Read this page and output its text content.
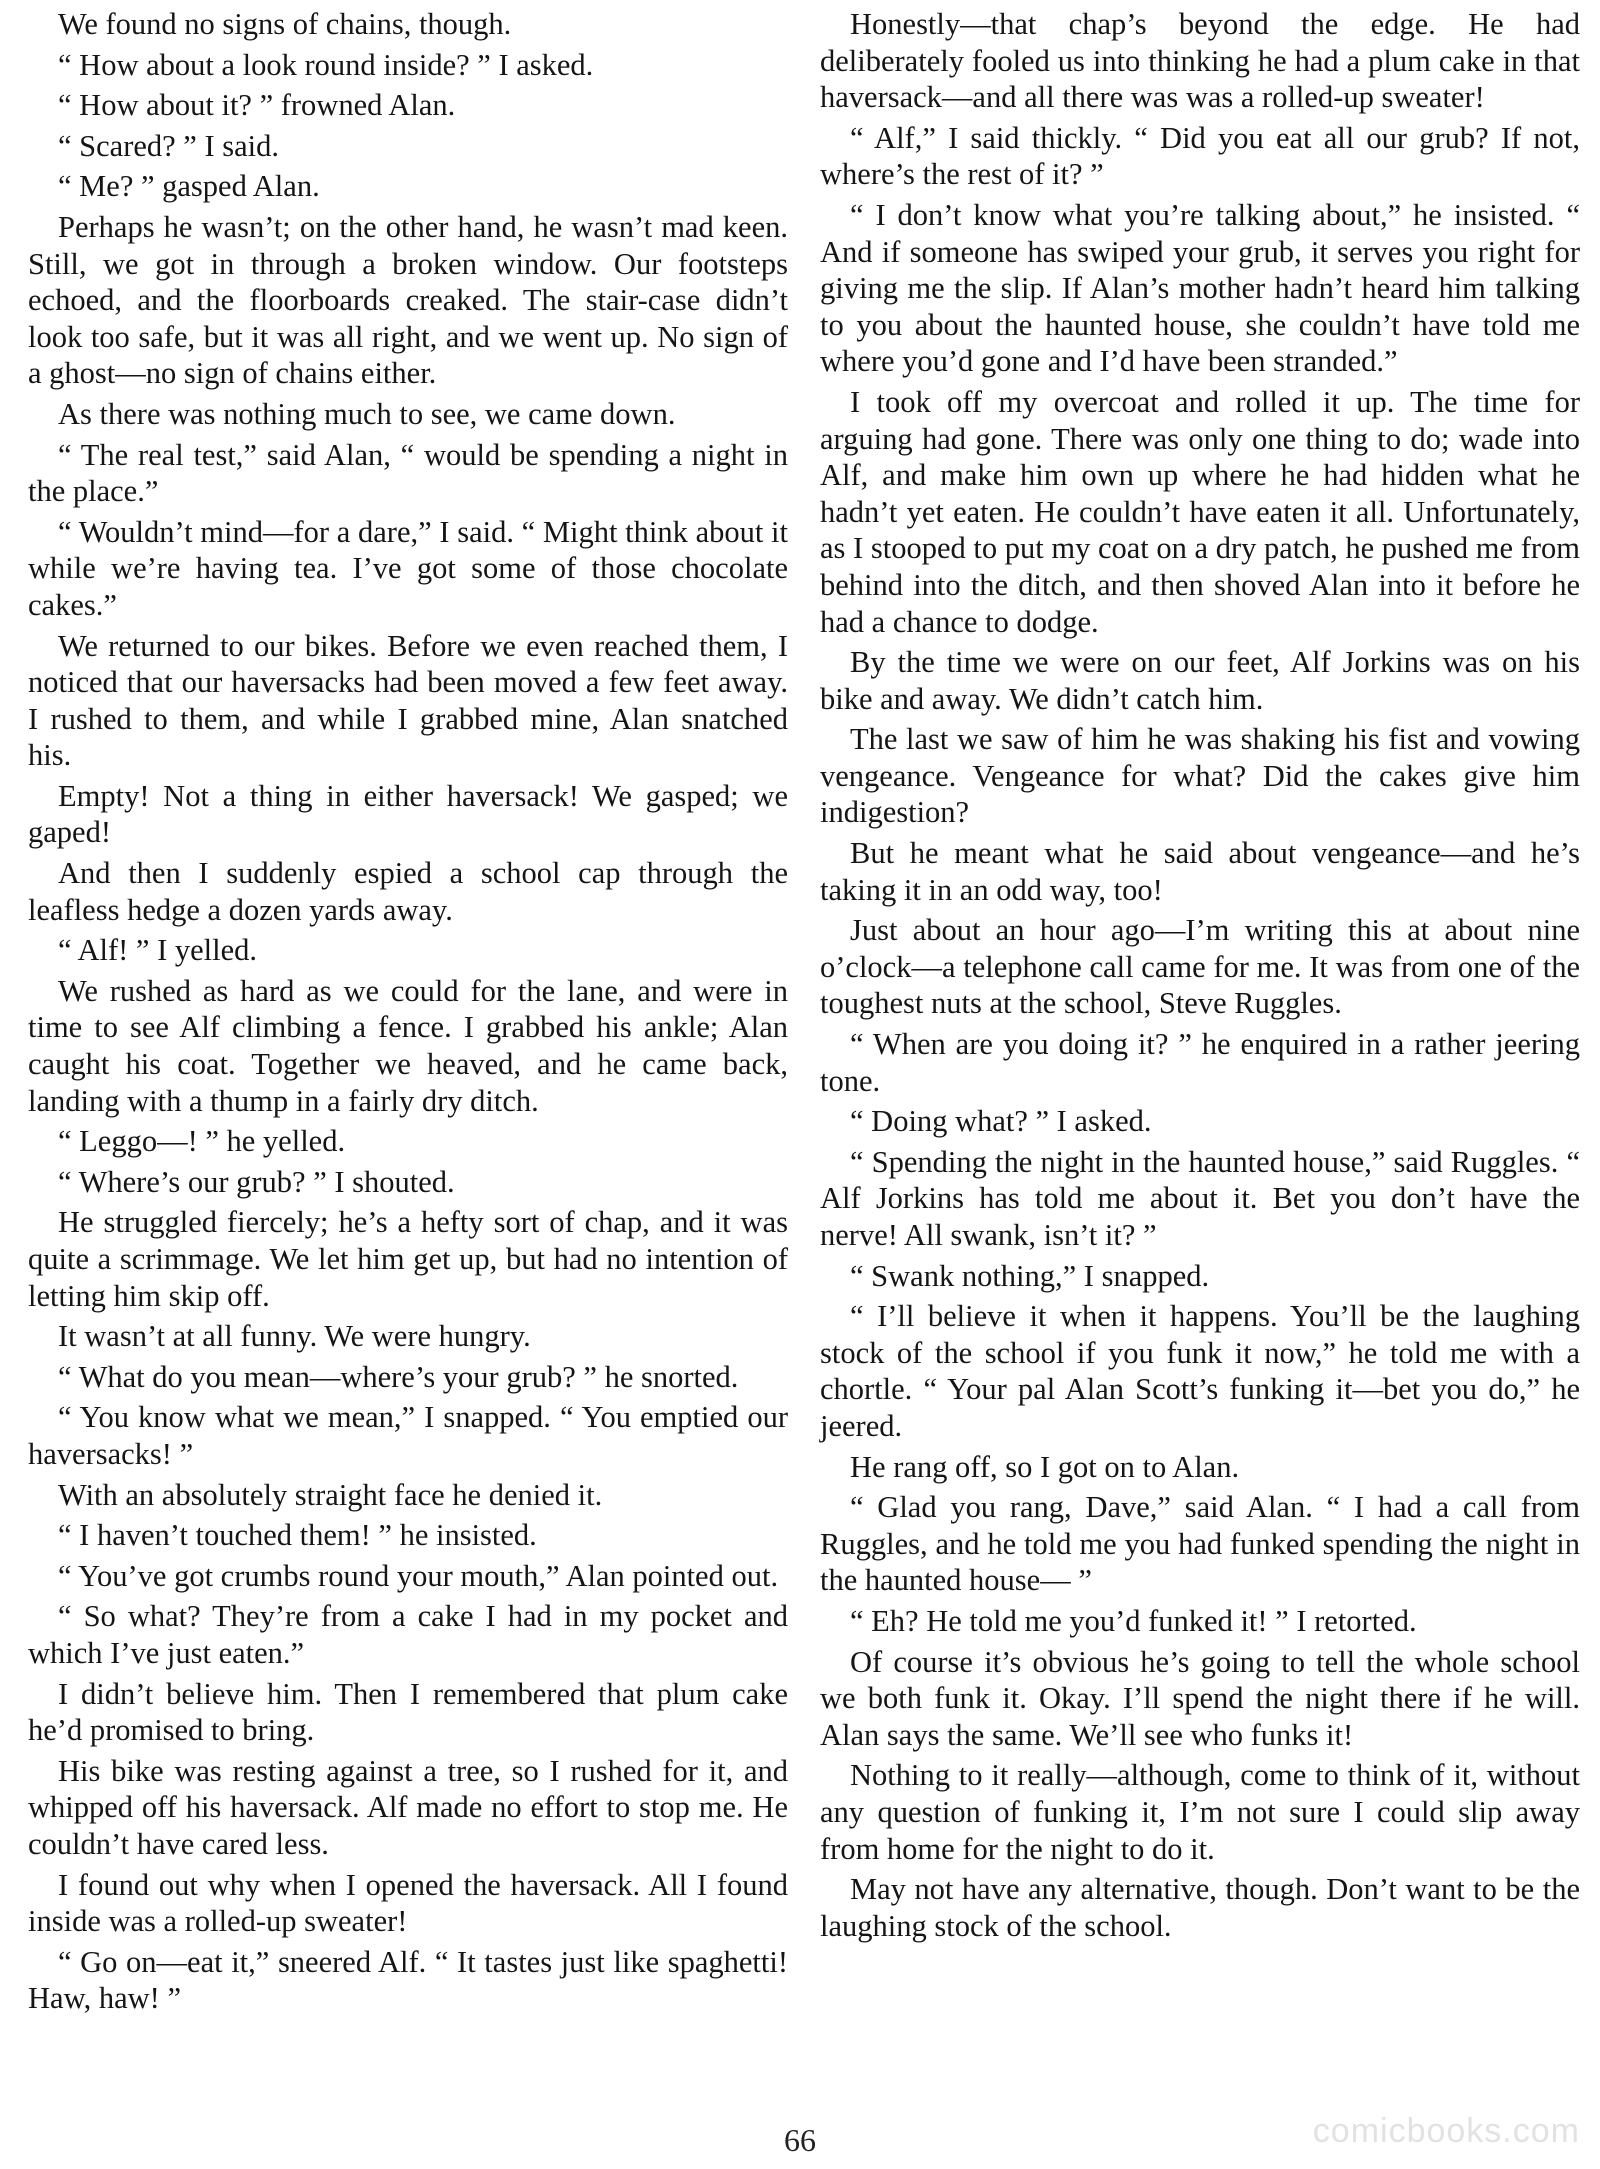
We found no signs of chains, though.

“ How about a look round inside? ” I asked.

“ How about it? ” frowned Alan.

“ Scared? ” I said.

“ Me? ” gasped Alan.

Perhaps he wasn’t; on the other hand, he wasn’t mad keen. Still, we got in through a broken window. Our footsteps echoed, and the floorboards creaked. The stair-case didn’t look too safe, but it was all right, and we went up. No sign of a ghost—no sign of chains either.

As there was nothing much to see, we came down.

“ The real test,” said Alan, “ would be spending a night in the place.”

“ Wouldn’t mind—for a dare,” I said. “ Might think about it while we’re having tea. I’ve got some of those chocolate cakes.”

We returned to our bikes. Before we even reached them, I noticed that our haversacks had been moved a few feet away. I rushed to them, and while I grabbed mine, Alan snatched his.

Empty! Not a thing in either haversack! We gasped; we gaped!

And then I suddenly espied a school cap through the leafless hedge a dozen yards away.

“ Alf! ” I yelled.

We rushed as hard as we could for the lane, and were in time to see Alf climbing a fence. I grabbed his ankle; Alan caught his coat. Together we heaved, and he came back, landing with a thump in a fairly dry ditch.

“ Leggo—! ” he yelled.

“ Where’s our grub? ” I shouted.

He struggled fiercely; he’s a hefty sort of chap, and it was quite a scrimmage. We let him get up, but had no intention of letting him skip off.

It wasn’t at all funny. We were hungry.

“ What do you mean—where’s your grub? ” he snorted.

“ You know what we mean,” I snapped. “ You emptied our haversacks! ”

With an absolutely straight face he denied it.

“ I haven’t touched them! ” he insisted.

“ You’ve got crumbs round your mouth,” Alan pointed out.

“ So what? They’re from a cake I had in my pocket and which I’ve just eaten.”

I didn’t believe him. Then I remembered that plum cake he’d promised to bring.

His bike was resting against a tree, so I rushed for it, and whipped off his haversack. Alf made no effort to stop me. He couldn’t have cared less.

I found out why when I opened the haversack. All I found inside was a rolled-up sweater!

“ Go on—eat it,” sneered Alf. “ It tastes just like spaghetti! Haw, haw! ”

Honestly—that chap’s beyond the edge. He had deliberately fooled us into thinking he had a plum cake in that haversack—and all there was was a rolled-up sweater!

“ Alf,” I said thickly. “ Did you eat all our grub? If not, where’s the rest of it? ”

“ I don’t know what you’re talking about,” he insisted. “ And if someone has swiped your grub, it serves you right for giving me the slip. If Alan’s mother hadn’t heard him talking to you about the haunted house, she couldn’t have told me where you’d gone and I’d have been stranded.”

I took off my overcoat and rolled it up. The time for arguing had gone. There was only one thing to do; wade into Alf, and make him own up where he had hidden what he hadn’t yet eaten. He couldn’t have eaten it all. Unfortunately, as I stooped to put my coat on a dry patch, he pushed me from behind into the ditch, and then shoved Alan into it before he had a chance to dodge.

By the time we were on our feet, Alf Jorkins was on his bike and away. We didn’t catch him.

The last we saw of him he was shaking his fist and vowing vengeance. Vengeance for what? Did the cakes give him indigestion?

But he meant what he said about vengeance—and he’s taking it in an odd way, too!

Just about an hour ago—I’m writing this at about nine o’clock—a telephone call came for me. It was from one of the toughest nuts at the school, Steve Ruggles.

“ When are you doing it? ” he enquired in a rather jeering tone.

“ Doing what? ” I asked.

“ Spending the night in the haunted house,” said Ruggles. “ Alf Jorkins has told me about it. Bet you don’t have the nerve! All swank, isn’t it? ”

“ Swank nothing,” I snapped.

“ I’ll believe it when it happens. You’ll be the laughing stock of the school if you funk it now,” he told me with a chortle. “ Your pal Alan Scott’s funking it—bet you do,” he jeered.

He rang off, so I got on to Alan.

“ Glad you rang, Dave,” said Alan. “ I had a call from Ruggles, and he told me you had funked spending the night in the haunted house— ”

“ Eh? He told me you’d funked it! ” I retorted.

Of course it’s obvious he’s going to tell the whole school we both funk it. Okay. I’ll spend the night there if he will. Alan says the same. We’ll see who funks it!

Nothing to it really—although, come to think of it, without any question of funking it, I’m not sure I could slip away from home for the night to do it.

May not have any alternative, though. Don’t want to be the laughing stock of the school.

66	comicbooks.com
